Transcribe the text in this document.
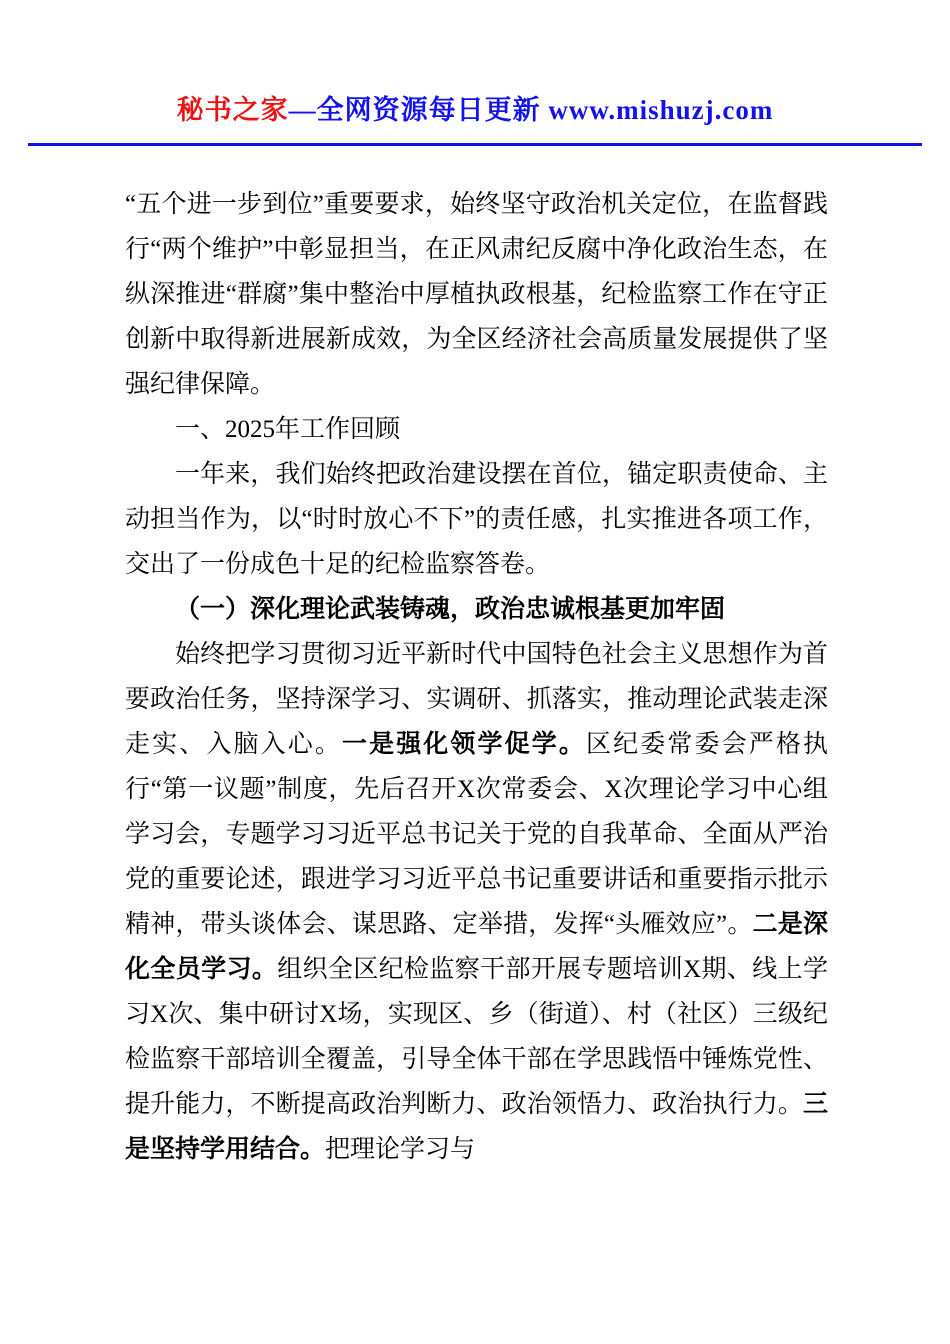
秘书之家—全网资源每日更新 www.mishuzj.com

“五个进一步到位”重要要求，始终坚守政治机关定位，在监督践行“两个维护”中彰显担当，在正风肃纪反腐中净化政治生态，在纵深推进“群腐”集中整治中厚植执政根基，纪检监察工作在守正创新中取得新进展新成效，为全区经济社会高质量发展提供了坚强纪律保障。

一、2025年工作回顾

一年来，我们始终把政治建设摆在首位，锚定职责使命、主动担当作为，以“时时放心不下”的责任感，扎实推进各项工作，交出了一份成色十足的纪检监察答卷。

（一）深化理论武装铸魂，政治忠诚根基更加牢固

始终把学习贯彻习近平新时代中国特色社会主义思想作为首要政治任务，坚持深学习、实调研、抓落实，推动理论武装走深走实、入脑入心。一是强化领学促学。区纪委常委会严格执行“第一议题”制度，先后召开X次常委会、X次理论学习中心组学习会，专题学习习近平总书记关于党的自我革命、全面从严治党的重要论述，跟进学习习近平总书记重要讲话和重要指示批示精神，带头谈体会、谋思路、定举措，发挥“头雁效应”。二是深化全员学习。组织全区纪检监察干部开展专题培训X期、线上学习X次、集中研讨X场，实现区、乡（街道）、村（社区）三级纪检监察干部培训全覆盖，引导全体干部在学思践悟中锤炼党性、提升能力，不断提高政治判断力、政治领悟力、政治执行力。三是坚持学用结合。把理论学习与
